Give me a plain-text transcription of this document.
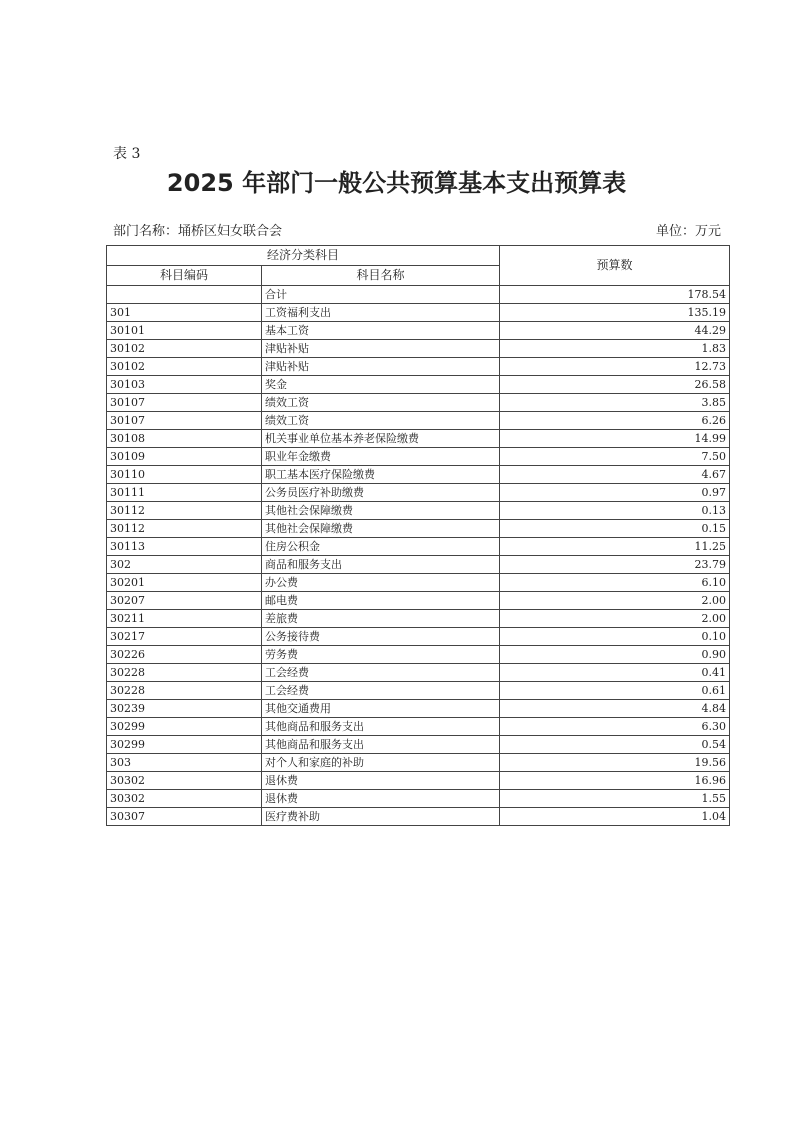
表 3
2025 年部门一般公共预算基本支出预算表
部门名称：埇桥区妇女联合会	单位：万元
经济分类科目		预算数
科目编码	科目名称	
	合计	178.54
301	工资福利支出	135.19
30101	基本工资	44.29
30102	津贴补贴	1.83
30102	津贴补贴	12.73
30103	奖金	26.58
30107	绩效工资	3.85
30107	绩效工资	6.26
30108	机关事业单位基本养老保险缴费	14.99
30109	职业年金缴费	7.50
30110	职工基本医疗保险缴费	4.67
30111	公务员医疗补助缴费	0.97
30112	其他社会保障缴费	0.13
30112	其他社会保障缴费	0.15
30113	住房公积金	11.25
302	商品和服务支出	23.79
30201	办公费	6.10
30207	邮电费	2.00
30211	差旅费	2.00
30217	公务接待费	0.10
30226	劳务费	0.90
30228	工会经费	0.41
30228	工会经费	0.61
30239	其他交通费用	4.84
30299	其他商品和服务支出	6.30
30299	其他商品和服务支出	0.54
303	对个人和家庭的补助	19.56
30302	退休费	16.96
30302	退休费	1.55
30307	医疗费补助	1.04
